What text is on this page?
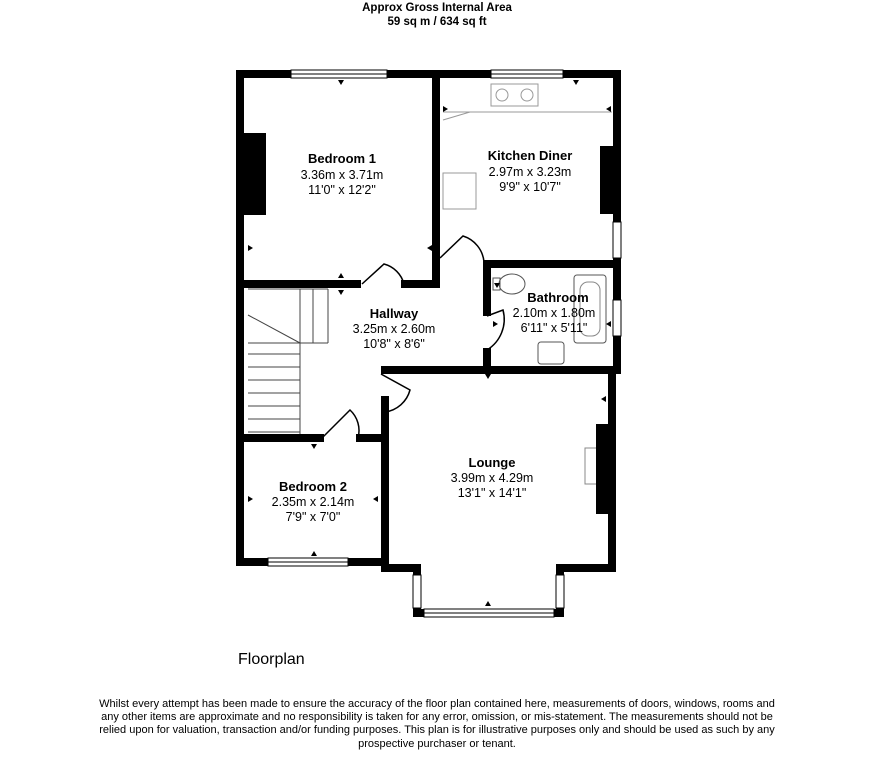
Approx Gross Internal Area
59 sq m / 634 sq ft
Bedroom 1
3.36m x 3.71m
11'0" x 12'2"
Kitchen Diner
2.97m x 3.23m
9'9" x 10'7"
Bathroom
2.10m x 1.80m
6'11" x 5'11"
Hallway
3.25m x 2.60m
10'8" x 8'6"
Lounge
3.99m x 4.29m
13'1" x 14'1"
Bedroom 2
2.35m x 2.14m
7'9" x 7'0"
Floorplan
Whilst every attempt has been made to ensure the accuracy of the floor plan contained here, measurements of doors, windows, rooms and any other items are approximate and no responsibility is taken for any error, omission, or mis-statement. The measurements should not be relied upon for valuation, transaction and/or funding purposes. This plan is for illustrative purposes only and should be used as such by any prospective purchaser or tenant.
